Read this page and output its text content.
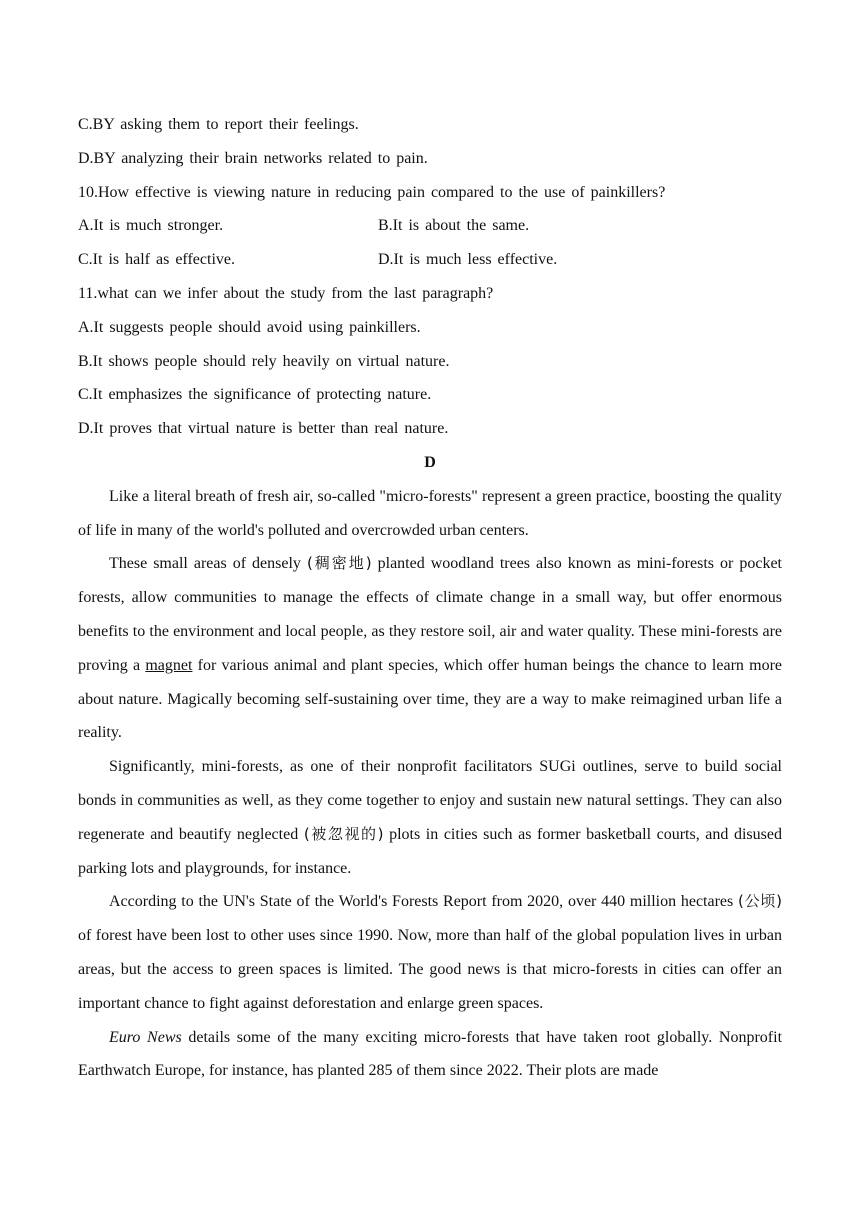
C.BY asking them to report their feelings.
D.BY analyzing their brain networks related to pain.
10.How effective is viewing nature in reducing pain compared to the use of painkillers?
A.It is much stronger.	B.It is about the same.
C.It is half as effective.	D.It is much less effective.
11.what can we infer about the study from the last paragraph?
A.It suggests people should avoid using painkillers.
B.It shows people should rely heavily on virtual nature.
C.It emphasizes the significance of protecting nature.
D.It proves that virtual nature is better than real nature.
D

Like a literal breath of fresh air, so-called "micro-forests" represent a green practice, boosting the quality of life in many of the world's polluted and overcrowded urban centers.

These small areas of densely (稠密地) planted woodland trees also known as mini-forests or pocket forests, allow communities to manage the effects of climate change in a small way, but offer enormous benefits to the environment and local people, as they restore soil, air and water quality. These mini-forests are proving a magnet for various animal and plant species, which offer human beings the chance to learn more about nature. Magically becoming self-sustaining over time, they are a way to make reimagined urban life a reality.

Significantly, mini-forests, as one of their nonprofit facilitators SUGi outlines, serve to build social bonds in communities as well, as they come together to enjoy and sustain new natural settings. They can also regenerate and beautify neglected (被忽视的) plots in cities such as former basketball courts, and disused parking lots and playgrounds, for instance.

According to the UN's State of the World's Forests Report from 2020, over 440 million hectares (公顷) of forest have been lost to other uses since 1990. Now, more than half of the global population lives in urban areas, but the access to green spaces is limited. The good news is that micro-forests in cities can offer an important chance to fight against deforestation and enlarge green spaces.

Euro News details some of the many exciting micro-forests that have taken root globally. Nonprofit Earthwatch Europe, for instance, has planted 285 of them since 2022. Their plots are made
